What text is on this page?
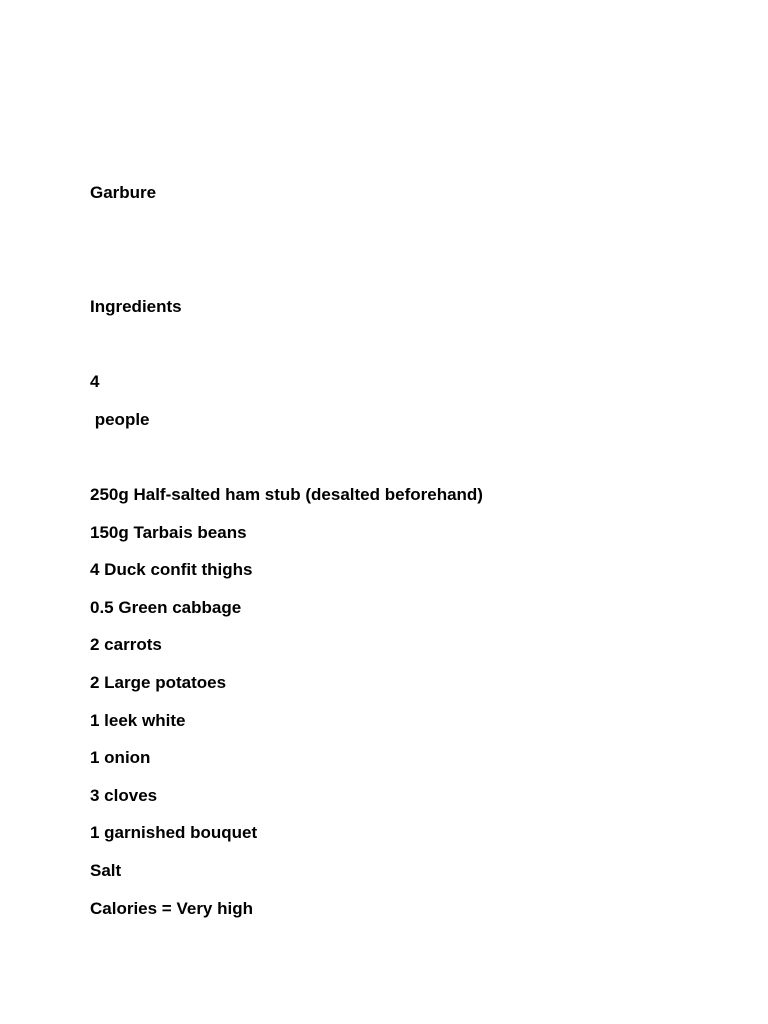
Garbure

Ingredients

4

people

250g Half-salted ham stub (desalted beforehand)
150g Tarbais beans
4 Duck confit thighs
0.5 Green cabbage
2 carrots
2 Large potatoes
1 leek white
1 onion
3 cloves
1 garnished bouquet
Salt
Calories = Very high
